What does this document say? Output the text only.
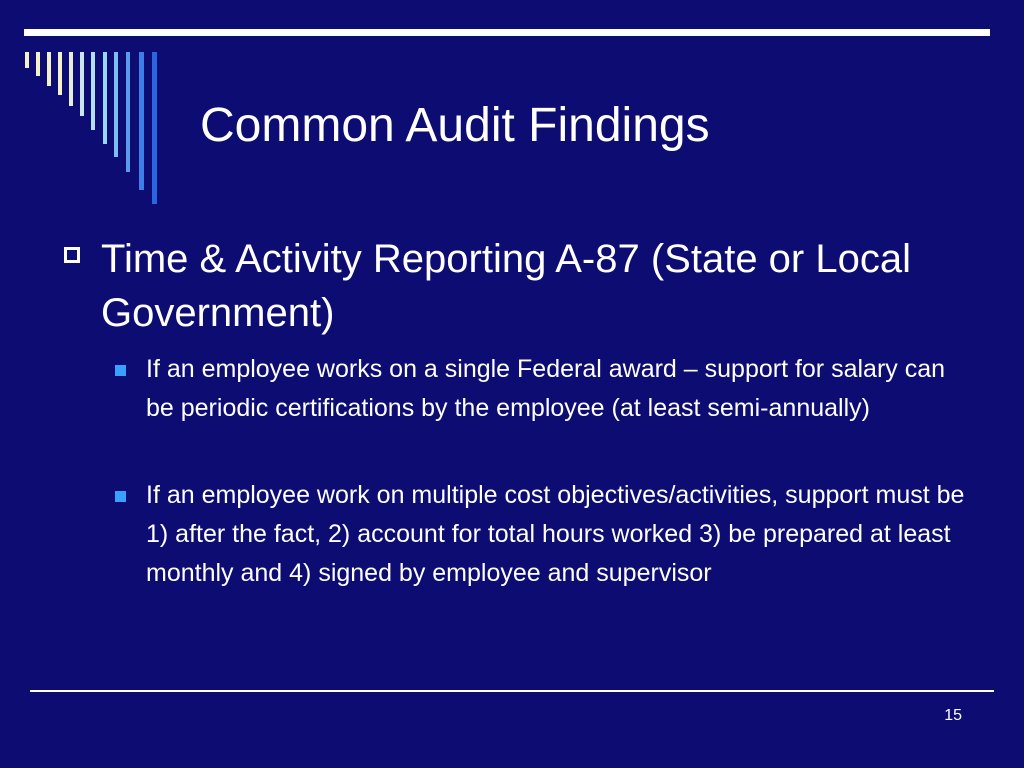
Common Audit Findings

Time & Activity Reporting A-87 (State or Local Government)

If an employee works on a single Federal award – support for salary can be periodic certifications by the employee (at least semi-annually)

If an employee work on multiple cost objectives/activities, support must be 1) after the fact, 2) account for total hours worked 3) be prepared at least monthly and 4) signed by employee and supervisor

15
